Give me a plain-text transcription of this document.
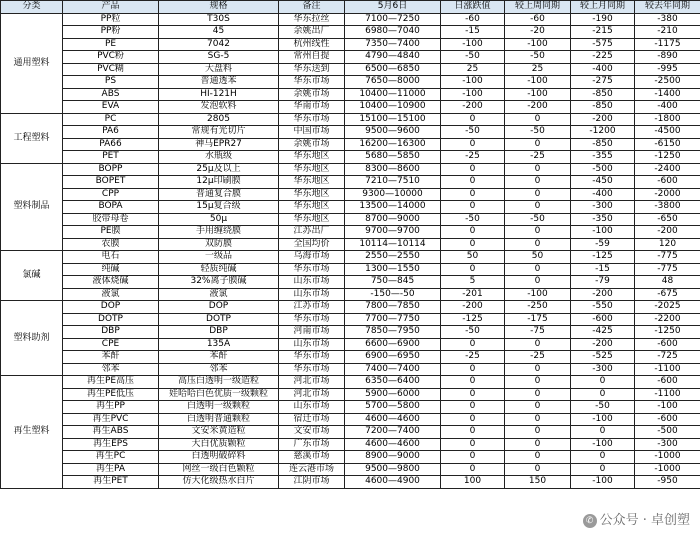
分类	产品	规格	备注	5月6日	日涨跌值	较上周同期	较上月同期	较去年同期
通用塑料	PP粒	T30S	华东拉丝	7100—7250	-60	-60	-190	-380
	PP粉	45	余姚出厂	6980—7040	-15	-20	-215	-210
	PE	7042	杭州线性	7350—7400	-100	-100	-575	-1175
	PVC粉	SG-5	常州自提	4790—4840	-50	-50	-225	-890
	PVC糊	大盘料	华东送到	6500—6850	25	25	-400	-995
	PS	普通透苯	华东市场	7650—8000	-100	-100	-275	-2500
	ABS	HI-121H	余姚市场	10400—11000	-100	-100	-850	-1400
	EVA	发泡软料	华南市场	10400—10900	-200	-200	-850	-400
工程塑料	PC	2805	华东市场	15100—15100	0	0	-200	-1800
	PA6	常规有光切片	中国市场	9500—9600	-50	-50	-1200	-4500
	PA66	神马EPR27	余姚市场	16200—16300	0	0	-850	-6150
	PET	水瓶级	华东地区	5680—5850	-25	-25	-355	-1250
塑料制品	BOPP	25μ及以上	华东地区	8300—8600	0	0	-500	-2400
	BOPET	12μ印刷膜	华东地区	7210—7510	0	0	-450	-600
	CPP	普通复合膜	华东地区	9300—10000	0	0	-400	-2000
	BOPA	15μ复合级	华东地区	13500—14000	0	0	-300	-3800
	胶带母卷	50μ	华东地区	8700—9000	-50	-50	-350	-650
	PE膜	手用缠绕膜	江苏出厂	9700—9700	0	0	-100	-200
	农膜	双防膜	全国均价	10114—10114	0	0	-59	120
氯碱	电石	一级品	乌海市场	2550—2550	50	50	-125	-775
	纯碱	轻质纯碱	华东市场	1300—1550	0	0	-15	-775
	液体烧碱	32%离子膜碱	山东市场	750—845	5	0	-79	48
	液氯	液氯	山东市场	-150—-50	-201	-100	-200	-675
塑料助剂	DOP	DOP	江苏市场	7800—7850	-200	-250	-550	-2025
	DOTP	DOTP	华东市场	7700—7750	-125	-175	-600	-2200
	DBP	DBP	河南市场	7850—7950	-50	-75	-425	-1250
	CPE	135A	山东市场	6600—6900	0	0	-200	-600
	苯酐	苯酐	华东市场	6900—6950	-25	-25	-525	-725
	邻苯	邻苯	华东市场	7400—7400	0	0	-300	-1100
再生塑料	再生PE高压	高压白透明一级造粒	河北市场	6350—6400	0	0	0	-600
	再生PE低压	娃哈哈白色优质一级颗粒	河北市场	5900—6000	0	0	0	-1100
	再生PP	白透明一级颗粒	山东市场	5700—5800	0	0	-50	-100
	再生PVC	白透明普通颗粒	宿迁市场	4600—4600	0	0	-100	-600
	再生ABS	文安米黄造粒	文安市场	7200—7400	0	0	0	-500
	再生EPS	大白优质颗粒	广东市场	4600—4600	0	0	-100	-300
	再生PC	白透明破碎料	慈溪市场	8900—9000	0	0	0	-1000
	再生PA	网丝一级白色颗粒	连云港市场	9500—9800	0	0	0	-1000
	再生PET	仿大化级热水白片	江阴市场	4600—4900	100	150	-100	-950
✆ 公众号 · 卓创塑
